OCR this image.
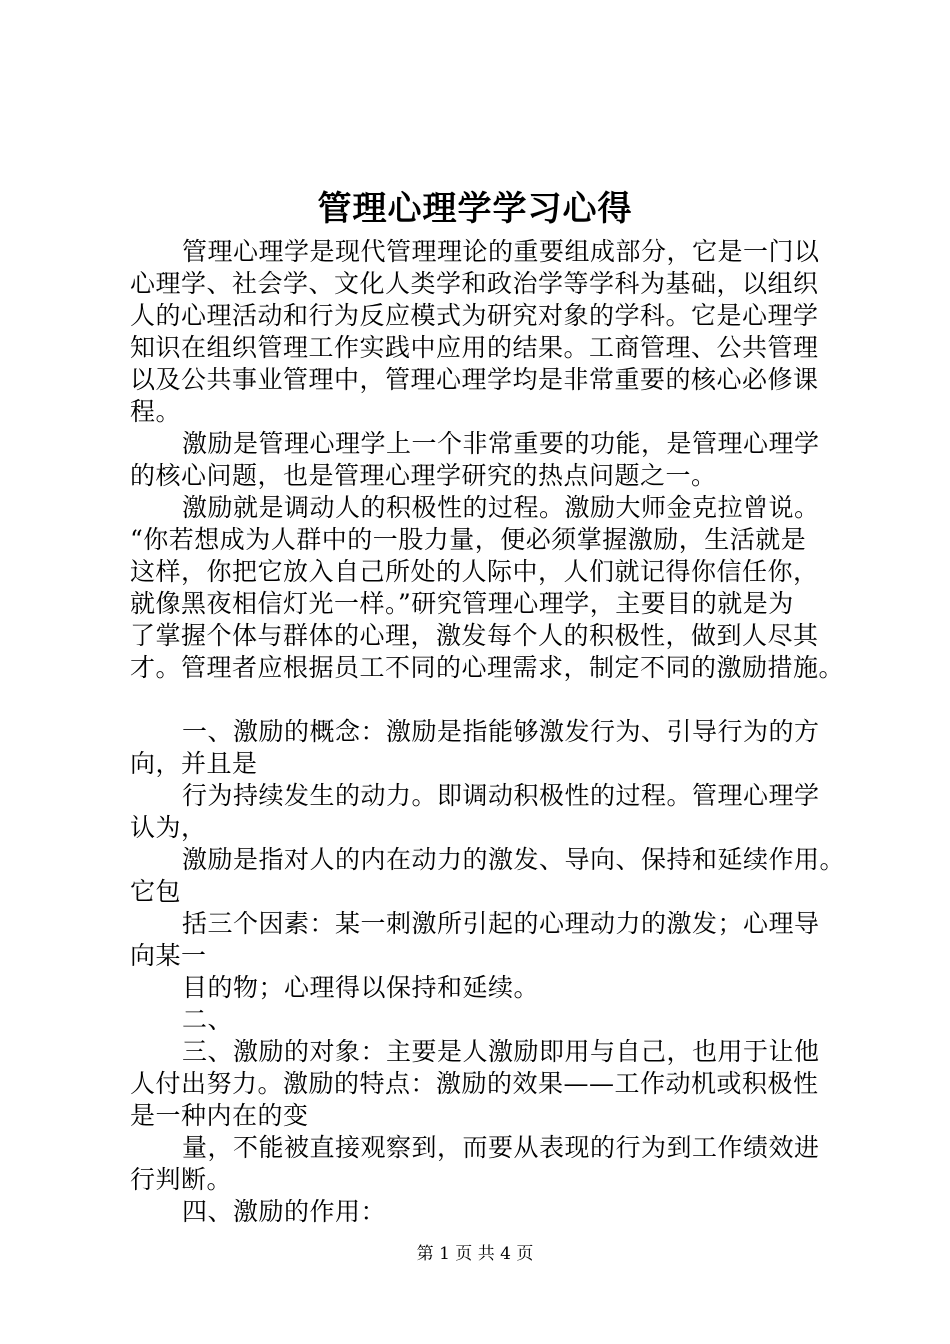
管理心理学学习心得
管理心理学是现代管理理论的重要组成部分，它是一门以
心理学、社会学、文化人类学和政治学等学科为基础，以组织
人的心理活动和行为反应模式为研究对象的学科。它是心理学
知识在组织管理工作实践中应用的结果。工商管理、公共管理
以及公共事业管理中，管理心理学均是非常重要的核心必修课
程。
激励是管理心理学上一个非常重要的功能，是管理心理学
的核心问题，也是管理心理学研究的热点问题之一。
激励就是调动人的积极性的过程。激励大师金克拉曾说。
“你若想成为人群中的一股力量，便必须掌握激励，生活就是
这样，你把它放入自己所处的人际中，人们就记得你信任你，
就像黑夜相信灯光一样。”研究管理心理学，主要目的就是为
了掌握个体与群体的心理，激发每个人的积极性，做到人尽其
才。管理者应根据员工不同的心理需求，制定不同的激励措施。
一、激励的概念：激励是指能够激发行为、引导行为的方
向，并且是
行为持续发生的动力。即调动积极性的过程。管理心理学
认为，
激励是指对人的内在动力的激发、导向、保持和延续作用。
它包
括三个因素：某一刺激所引起的心理动力的激发；心理导
向某一
目的物；心理得以保持和延续。
二、
三、激励的对象：主要是人激励即用与自己，也用于让他
人付出努力。激励的特点：激励的效果——工作动机或积极性
是一种内在的变
量，不能被直接观察到，而要从表现的行为到工作绩效进
行判断。
四、激励的作用：
第 1 页 共 4 页
